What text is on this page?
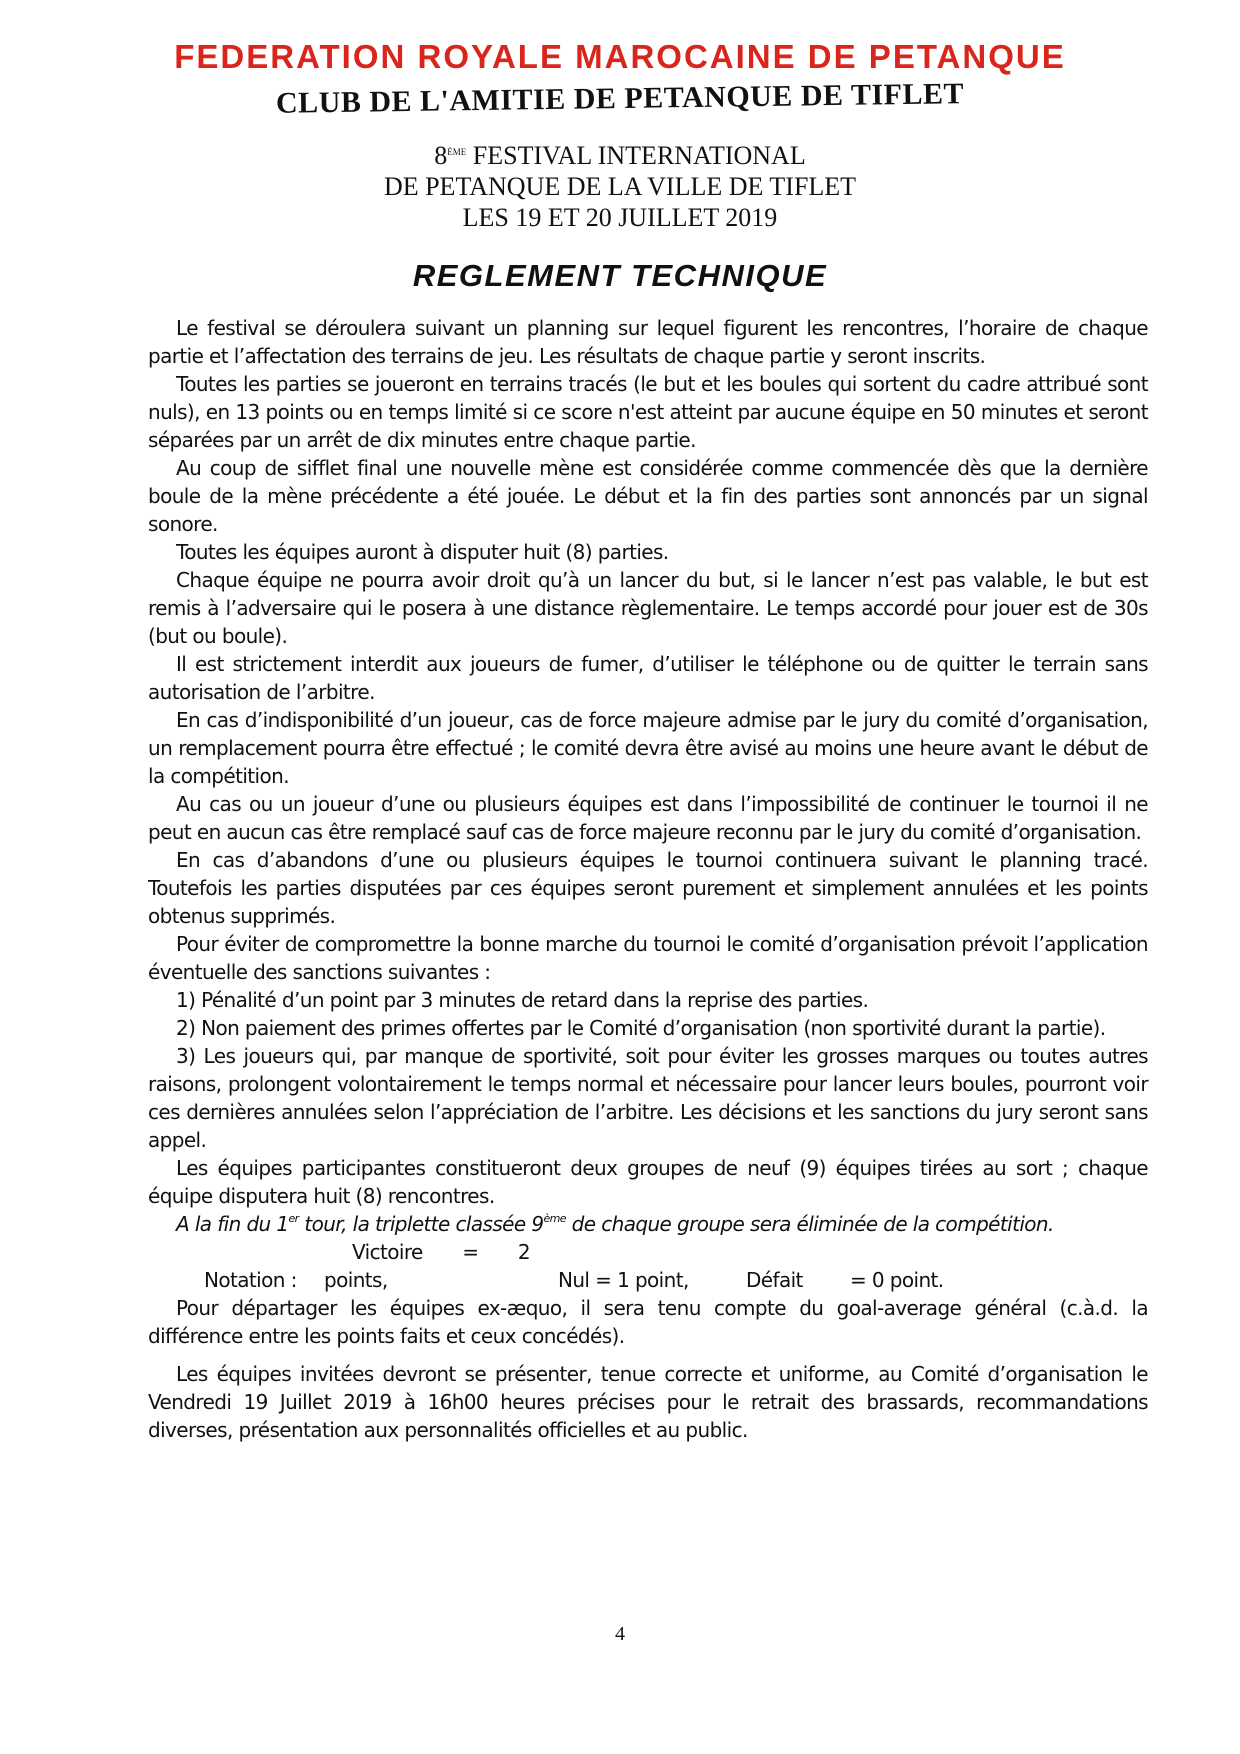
FEDERATION ROYALE MAROCAINE DE PETANQUE
CLUB DE L'AMITIE DE PETANQUE DE TIFLET
8ème FESTIVAL INTERNATIONAL
DE PETANQUE DE LA VILLE DE TIFLET
LES 19 ET 20 JUILLET 2019
REGLEMENT TECHNIQUE

Le festival se déroulera suivant un planning sur lequel figurent les rencontres, l’horaire de chaque partie et l’affectation des terrains de jeu. Les résultats de chaque partie y seront inscrits.

Toutes les parties se joueront en terrains tracés (le but et les boules qui sortent du cadre attribué sont nuls), en 13 points ou en temps limité si ce score n'est atteint par aucune équipe en 50 minutes et seront séparées par un arrêt de dix minutes entre chaque partie.

Au coup de sifflet final une nouvelle mène est considérée comme commencée dès que la dernière boule de la mène précédente a été jouée. Le début et la fin des parties sont annoncés par un signal sonore.

Toutes les équipes auront à disputer huit (8) parties.

Chaque équipe ne pourra avoir droit qu’à un lancer du but, si le lancer n’est pas valable, le but est remis à l’adversaire qui le posera à une distance règlementaire. Le temps accordé pour jouer est de 30s (but ou boule).

Il est strictement interdit aux joueurs de fumer, d’utiliser le téléphone ou de quitter le terrain sans autorisation de l’arbitre.

En cas d’indisponibilité d’un joueur, cas de force majeure admise par le jury du comité d’organisation, un remplacement pourra être effectué ; le comité devra être avisé au moins une heure avant le début de la compétition.

Au cas ou un joueur d’une ou plusieurs équipes est dans l’impossibilité de continuer le tournoi il ne peut en aucun cas être remplacé sauf cas de force majeure reconnu par le jury du comité d’organisation.

En cas d’abandons d’une ou plusieurs équipes le tournoi continuera suivant le planning tracé. Toutefois les parties disputées par ces équipes seront purement et simplement annulées et les points obtenus supprimés.

Pour éviter de compromettre la bonne marche du tournoi le comité d’organisation prévoit l’application éventuelle des sanctions suivantes :

1) Pénalité d’un point par 3 minutes de retard dans la reprise des parties.

2) Non paiement des primes offertes par le Comité d’organisation (non sportivité durant la partie).

3) Les joueurs qui, par manque de sportivité, soit pour éviter les grosses marques ou toutes autres raisons, prolongent volontairement le temps normal et nécessaire pour lancer leurs boules, pourront voir ces dernières annulées selon l’appréciation de l’arbitre. Les décisions et les sanctions du jury seront sans appel.

Les équipes participantes constitueront deux groupes de neuf (9) équipes tirées au sort ; chaque équipe disputera huit (8) rencontres.

A la fin du 1er tour, la triplette classée 9ème de chaque groupe sera éliminée de la compétition.

Notation :Victoire = 2 points,	Nul = 1 point,	Défait = 0 point.

Pour départager les équipes ex-æquo, il sera tenu compte du goal-average général (c.à.d. la différence entre les points faits et ceux concédés).

Les équipes invitées devront se présenter, tenue correcte et uniforme, au Comité d’organisation le Vendredi 19 Juillet 2019 à 16h00 heures précises pour le retrait des brassards, recommandations diverses, présentation aux personnalités officielles et au public.

4
